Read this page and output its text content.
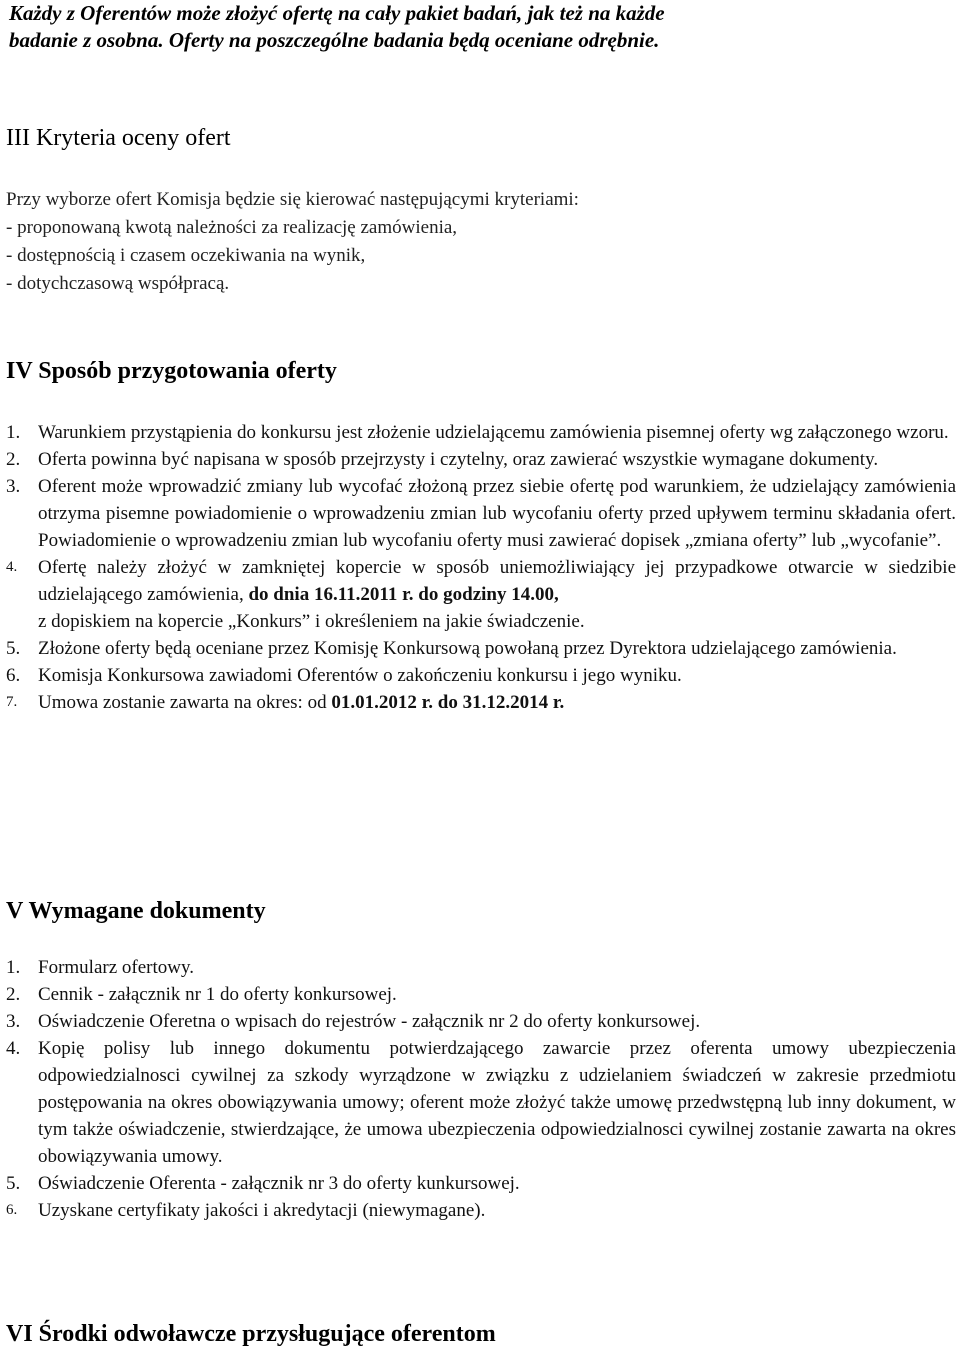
Każdy z Oferentów może złożyć ofertę na cały pakiet badań, jak też na każde
badanie z osobna. Oferty na poszczególne badania będą oceniane odrębnie.
III Kryteria oceny ofert
Przy wyborze ofert Komisja będzie się kierować następującymi kryteriami:
- proponowaną kwotą należności za realizację zamówienia,
- dostępnością i czasem oczekiwania na wynik,
- dotychczasową współpracą.
IV Sposób przygotowania oferty

1. Warunkiem przystąpienia do konkursu jest złożenie udzielającemu zamówienia pisemnej oferty wg załączonego wzoru.

2. Oferta powinna być napisana w sposób przejrzysty i czytelny, oraz zawierać wszystkie wymagane dokumenty.

3. Oferent może wprowadzić zmiany lub wycofać złożoną przez siebie ofertę pod warunkiem, że udzielający zamówienia otrzyma pisemne powiadomienie o wprowadzeniu zmian lub wycofaniu oferty przed upływem terminu składania ofert. Powiadomienie o wprowadzeniu zmian lub wycofaniu oferty musi zawierać dopisek „zmiana oferty” lub „wycofanie”.

4. Ofertę należy złożyć w zamkniętej kopercie w sposób uniemożliwiający jej przypadkowe otwarcie w siedzibie udzielającego zamówienia, do dnia 16.11.2011 r. do godziny 14.00,
z dopiskiem na kopercie „Konkurs” i określeniem na jakie świadczenie.

5. Złożone oferty będą oceniane przez Komisję Konkursową powołaną przez Dyrektora udzielającego zamówienia.

6. Komisja Konkursowa zawiadomi Oferentów o zakończeniu konkursu i jego wyniku.

7. Umowa zostanie zawarta na okres: od 01.01.2012 r. do 31.12.2014 r.

V Wymagane dokumenty

1. Formularz ofertowy.

2. Cennik - załącznik nr 1 do oferty konkursowej.

3. Oświadczenie Oferetna o wpisach do rejestrów - załącznik nr 2 do oferty konkursowej.

4. Kopię polisy lub innego dokumentu potwierdzającego zawarcie przez oferenta umowy ubezpieczenia odpowiedzialnosci cywilnej za szkody wyrządzone w związku z udzielaniem świadczeń w zakresie przedmiotu postępowania na okres obowiązywania umowy; oferent może złożyć także umowę przedwstępną lub inny dokument, w tym także oświadczenie, stwierdzające, że umowa ubezpieczenia odpowiedzialnosci cywilnej zostanie zawarta na okres obowiązywania umowy.

5. Oświadczenie Oferenta - załącznik nr 3 do oferty kunkursowej.

6. Uzyskane certyfikaty jakości i akredytacji (niewymagane).

VI Środki odwoławcze przysługujące oferentom
